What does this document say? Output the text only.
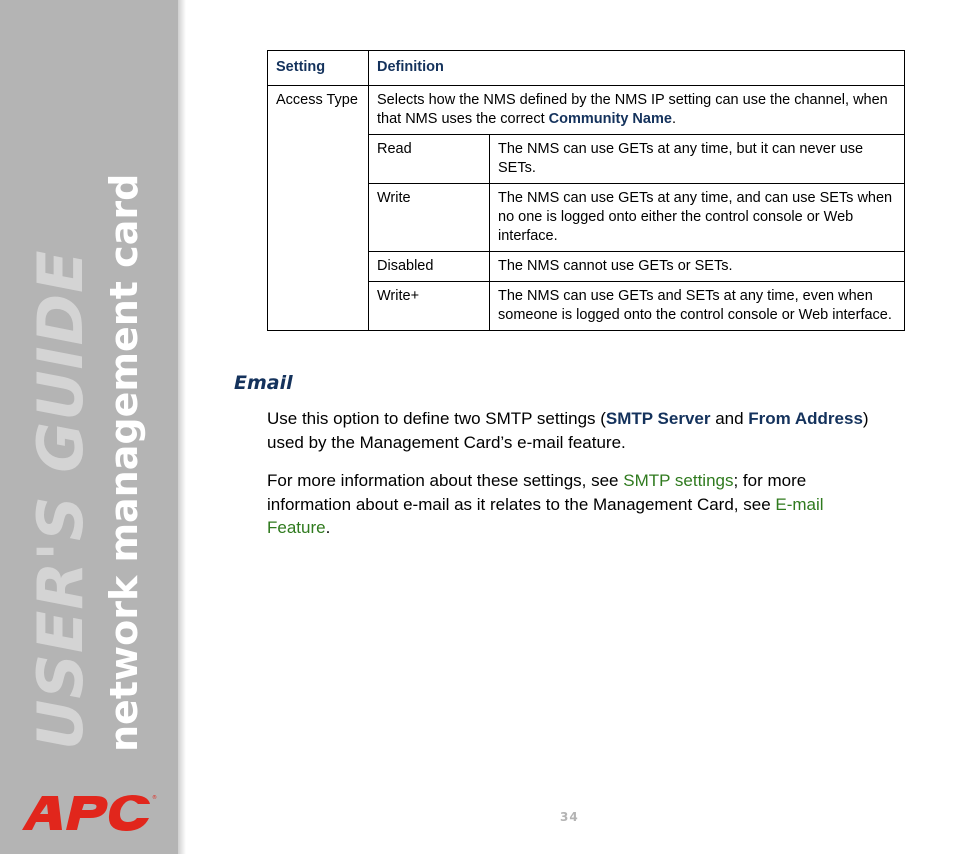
USER'S GUIDE network management card
®
Setting	Definition	
Access Type	Selects how the NMS defined by the NMS IP setting can use the channel, when that NMS uses the correct Community Name.	
	Read	The NMS can use GETs at any time, but it can never use SETs.
	Write	The NMS can use GETs at any time, and can use SETs when no one is logged onto either the control console or Web interface.
	Disabled	The NMS cannot use GETs or SETs.
	Write+	The NMS can use GETs and SETs at any time, even when someone is logged onto the control console or Web interface.
Email
Use this option to define two SMTP settings (SMTP Server and From Address) used by the Management Card’s e-mail feature.
For more information about these settings, see SMTP settings; for more information about e-mail as it relates to the Management Card, see E-mail Feature.
34
